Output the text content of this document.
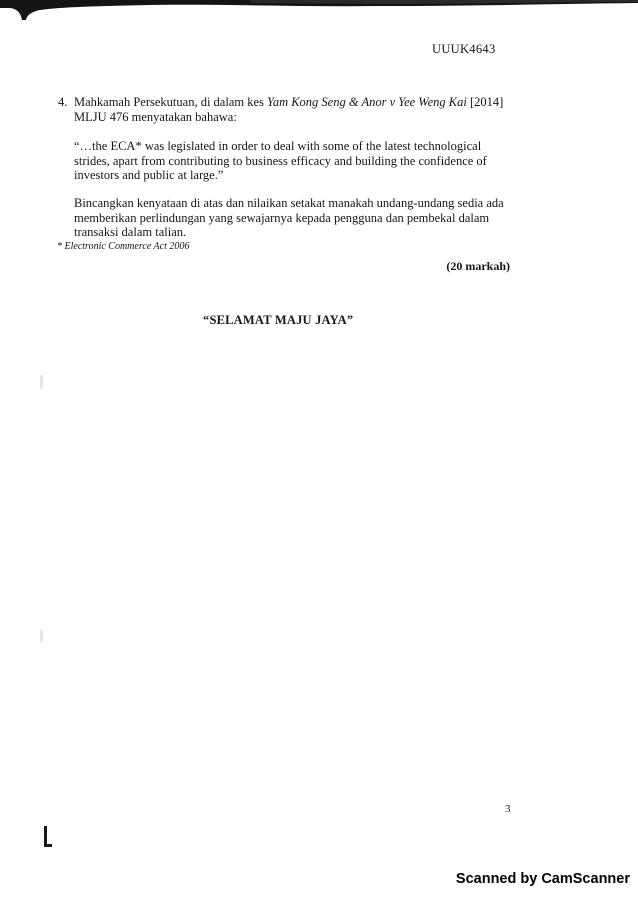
UUUK4643
4. Mahkamah Persekutuan, di dalam kes Yam Kong Seng & Anor v Yee Weng Kai [2014] MLJU 476 menyatakan bahawa:
“…the ECA* was legislated in order to deal with some of the latest technological strides, apart from contributing to business efficacy and building the confidence of investors and public at large.”
Bincangkan kenyataan di atas dan nilaikan setakat manakah undang-undang sedia ada memberikan perlindungan yang sewajarnya kepada pengguna dan pembekal dalam transaksi dalam talian.
* Electronic Commerce Act 2006
(20 markah)
“SELAMAT MAJU JAYA”
3
Scanned by CamScanner
